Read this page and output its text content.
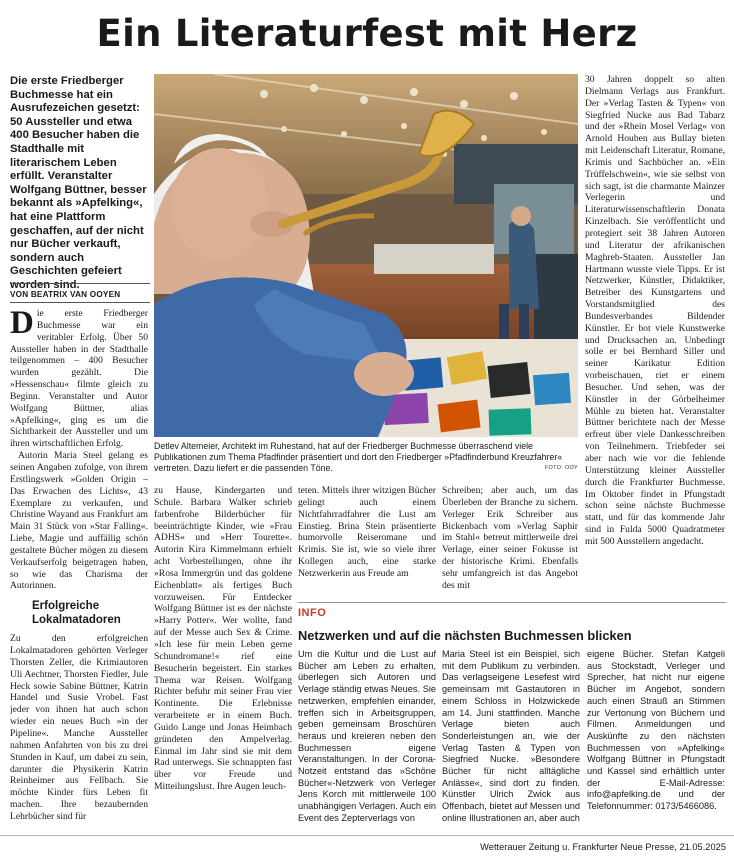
Ein Literaturfest mit Herz
Die erste Friedberger Buchmesse hat ein Ausrufezeichen gesetzt: 50 Aussteller und etwa 400 Besucher haben die Stadthalle mit literarischem Leben erfüllt. Veranstalter Wolfgang Büttner, besser bekannt als »Apfelking«, hat eine Plattform geschaffen, auf der nicht nur Bücher verkauft, sondern auch Geschichten gefeiert worden sind.
VON BEATRIX VAN OOYEN

Die erste Friedberger Buchmesse war ein veritabler Erfolg. Über 50 Aussteller haben in der Stadthalle teilgenommen – 400 Besucher wurden gezählt. Die »Hessenschau« filmte gleich zu Beginn. Veranstalter und Autor Wolfgang Büttner, alias »Apfelking«, ging es um die Sichtbarkeit der Aussteller und um ihren wirtschaftlichen Erfolg.

Autorin Maria Steel gelang es seinen Angaben zufolge, von ihrem Erstlingswerk »Golden Origin – Das Erwachen des Lichts«, 43 Exemplare zu verkaufen, und Christine Wayand aus Frankfurt am Main 31 Stück von »Star Falling«. Liebe, Magie und auffällig schön gestaltete Bücher mögen zu diesem Verkaufserfolg beigetragen haben, so wie das Charisma der Autorinnen.

Erfolgreiche Lokalmatadoren

Zu den erfolgreichen Lokalmatadoren gehörten Verleger Thorsten Zeller, die Krimiautoren Uli Aechtner, Thorsten Fiedler, Jule Heck sowie Sabine Büttner, Katrin Handel und Susie Vrobel. Fast jeder von ihnen hat auch schon wieder ein neues Buch »in der Pipeline«. Manche Aussteller nahmen Anfahrten von bis zu drei Stunden in Kauf, um dabei zu sein, darunter die Physikerin Katrin Reinheimer aus Fellbach. Sie möchte Kinder fürs Leben fit machen. Ihre bezaubernden Lehrbücher sind für

Detlev Altemeier, Architekt im Ruhestand, hat auf der Friedberger Buchmesse überraschend viele Publikationen zum Thema Pfadfinder präsentiert und dort den Friedberger »Pfadfinderbund Kreuzfahrer« vertreten. Dazu liefert er die passenden Töne.	FOTO: OOY

zu Hause, Kindergarten und Schule. Barbara Walker schrieb farbenfrohe Bilderbücher für beeinträchtigte Kinder, wie »Frau ADHS« und »Herr Tourette«. Autorin Kira Kimmelmann erhielt acht Vorbestellungen, ohne ihr »Rosa Immergrün und das goldene Eichenblatt« als fertiges Buch vorzuweisen. Für Entdecker Wolfgang Büttner ist es der nächste »Harry Potter«. Wer wollte, fand auf der Messe auch Sex & Crime. »Ich lese für mein Leben gerne Schundromane!« rief eine Besucherin begeistert. Ein starkes Thema war Reisen. Wolfgang Richter befuhr mit seiner Frau vier Kontinente. Die Erlebnisse verarbeitete er in einem Buch. Guido Lange und Jonas Heimbach gründeten den Ampelverlag. Einmal im Jahr sind sie mit dem Rad unterwegs. Sie schnappten fast über vor Freude und Mitteilungslust. Ihre Augen leuch-

teten. Mittels ihrer witzigen Bücher gelingt auch einem Nichtfahrradfahrer die Lust am Einstieg. Brina Stein präsentierte humorvolle Reiseromane und Krimis. Sie ist, wie so viele ihrer Kollegen auch, eine starke Netzwerkerin aus Freude am

Schreiben; aber auch, um das Überleben der Branche zu sichern. Verleger Erik Schreiber aus Bickenbach vom »Verlag Saphir im Stahl« betreut mittlerweile drei Verlage, einer seiner Fokusse ist der historische Krimi. Ebenfalls sehr umfangreich ist das Angebot des mit

30 Jahren doppelt so alten Dielmann Verlags aus Frankfurt. Der »Verlag Tasten & Typen« von Siegfried Nucke aus Bad Tabarz und der »Rhein Mosel Verlag« von Arnold Houben aus Bullay bieten mit Leidenschaft Literatur, Romane, Krimis und Sachbücher an. »Ein Trüffelschwein«, wie sie selbst von sich sagt, ist die charmante Mainzer Verlegerin und Literaturwissenschaftlerin Donata Kinzelbach. Sie veröffentlicht und protegiert seit 38 Jahren Autoren und Literatur der afrikanischen Maghreb-Staaten. Aussteller Jan Hartmann wusste viele Tipps. Er ist Netzwerker, Künstler, Didaktiker, Betreiber des Kunstgartens und Vorstandsmitglied des Bundesverbandes Bildender Künstler. Er bot viele Kunstwerke und Drucksachen an. Unbedingt solle er bei Bernhard Siller und seiner Karikatur Edition vorbeischauen, riet er einem Besucher. Und sehen, was der Künstler in der Görbelheimer Mühle zu bieten hat. Veranstalter Büttner berichtete nach der Messe erfreut über viele Dankesschreiben von Teilnehmern. Triebfeder sei aber nach wie vor die fehlende Unterstützung kleiner Aussteller durch die Frankfurter Buchmesse. Im Oktober findet in Pfungstadt schon seine nächste Buchmesse statt, und für das kommende Jahr sind in Fulda 5000 Quadratmeter mit 500 Ausstellern angedacht.

INFO
Netzwerken und auf die nächsten Buchmessen blicken

Um die Kultur und die Lust auf Bücher am Leben zu erhalten, überlegen sich Autoren und Verlage ständig etwas Neues. Sie netzwerken, empfehlen einander, treffen sich in Arbeitsgruppen, geben gemeinsam Broschüren heraus und kreieren neben den Buchmessen eigene Veranstaltungen. In der Corona-Notzeit entstand das »Schöne Bücher«-Netzwerk von Verleger Jens Korch mit mittlerweile 100 unabhängigen Verlagen. Auch ein Event des Zepterverlags von

Maria Steel ist ein Beispiel, sich mit dem Publikum zu verbinden. Das verlagseigene Lesefest wird gemeinsam mit Gastautoren in einem Schloss in Holzwickede am 14. Juni stattfinden. Manche Verlage bieten auch Sonderleistungen an, wie der Verlag Tasten & Typen von Siegfried Nucke. »Besondere Bücher für nicht alltägliche Anlässe«, sind dort zu finden. Künstler Ulrich Zwick aus Offenbach, bietet auf Messen und online Illustrationen an, aber auch

eigene Bücher. Stefan Katgeli aus Stockstadt, Verleger und Sprecher, hat nicht nur eigene Bücher im Angebot, sondern auch einen Strauß an Stimmen zur Vertonung von Büchern und Filmen. Anmeldungen und Auskünfte zu den nächsten Buchmessen von »Apfelking« Wolfgang Büttner in Pfungstadt und Kassel sind erhältlich unter der E-Mail-Adresse: info@apfelking.de und der Telefonnummer: 0173/5466086.

Wetterauer Zeitung u. Frankfurter Neue Presse, 21.05.2025
